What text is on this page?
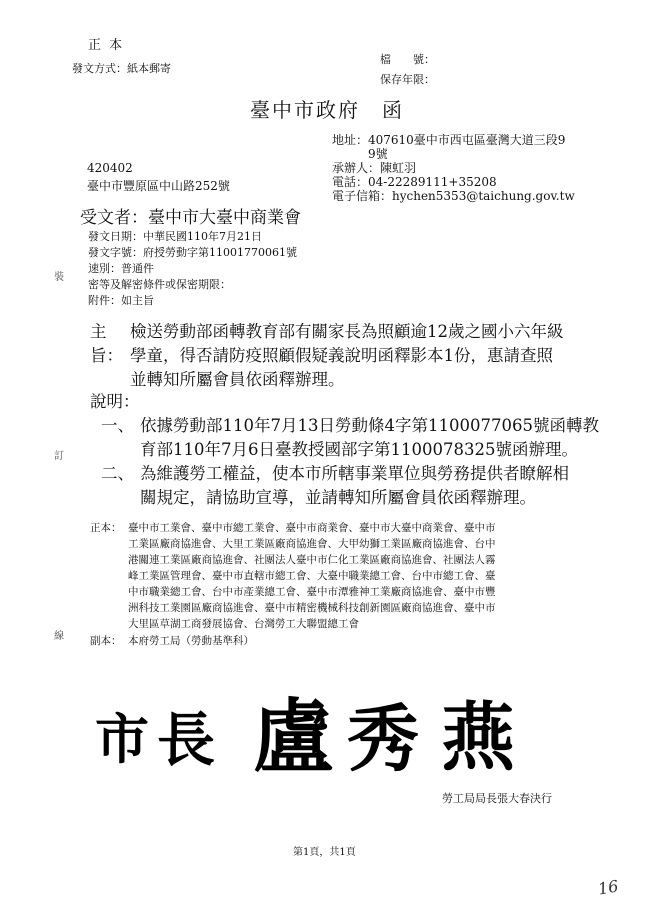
正 本
發文方式：紙本郵寄
檔　　號：
保存年限：
臺中市政府　函
地址：407610臺中市西屯區臺灣大道三段9
9號
承辦人：陳虹羽
電話：04-22289111+35208
電子信箱：hychen5353@taichung.gov.tw
420402
臺中市豐原區中山路252號
受文者：臺中市大臺中商業會
發文日期：中華民國110年7月21日
發文字號：府授勞動字第11001770061號
速別：普通件
密等及解密條件或保密期限：
附件：如主旨
裝
訂
線
主旨：
檢送勞動部函轉教育部有關家長為照顧逾12歲之國小六年級
學童，得否請防疫照顧假疑義說明函釋影本1份，惠請查照
並轉知所屬會員依函釋辦理。
說明：
一、 依據勞動部110年7月13日勞動條4字第1100077065號函轉教
育部110年7月6日臺教授國部字第1100078325號函辦理。
二、 為維護勞工權益，使本市所轄事業單位與勞務提供者瞭解相
關規定，請協助宣導，並請轉知所屬會員依函釋辦理。
正本： 臺中市工業會、臺中市總工業會、臺中市商業會、臺中市大臺中商業會、臺中市
工業區廠商協進會、大里工業區廠商協進會、大甲幼獅工業區廠商協進會、台中
港關連工業區廠商協進會、社團法人臺中市仁化工業區廠商協進會、社團法人霧
峰工業區管理會、臺中市直轄市總工會、大臺中職業總工會、台中市總工會、臺
中市職業總工會、台中市產業總工會、臺中市潭雅神工業廠商協進會、臺中市豐
洲科技工業園區廠商協進會、臺中市精密機械科技創新園區廠商協進會、臺中市
大里區草湖工商發展協會、台灣勞工大聯盟總工會
副本： 本府勞工局（勞動基準科）
市 長 盧 秀 燕
勞工局局長張大春決行
第1頁，共1頁
16
